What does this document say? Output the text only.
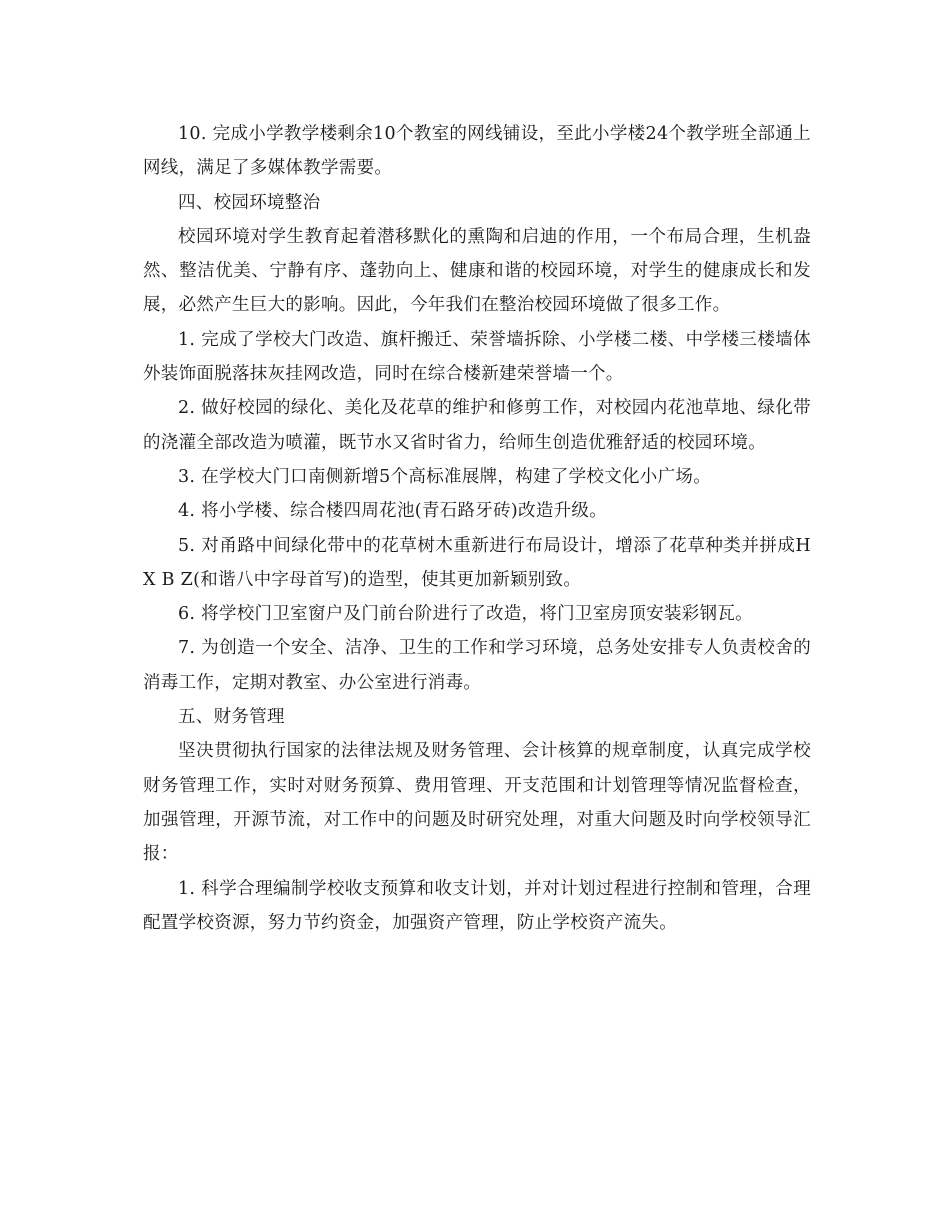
10. 完成小学教学楼剩余10个教室的网线铺设，至此小学楼24个教学班全部通上网线，满足了多媒体教学需要。

四、校园环境整治

校园环境对学生教育起着潜移默化的熏陶和启迪的作用，一个布局合理，生机盎然、整洁优美、宁静有序、蓬勃向上、健康和谐的校园环境，对学生的健康成长和发展，必然产生巨大的影响。因此，今年我们在整治校园环境做了很多工作。

1. 完成了学校大门改造、旗杆搬迁、荣誉墙拆除、小学楼二楼、中学楼三楼墙体外装饰面脱落抹灰挂网改造，同时在综合楼新建荣誉墙一个。

2. 做好校园的绿化、美化及花草的维护和修剪工作，对校园内花池草地、绿化带的浇灌全部改造为喷灌，既节水又省时省力，给师生创造优雅舒适的校园环境。

3. 在学校大门口南侧新增5个高标准展牌，构建了学校文化小广场。

4. 将小学楼、综合楼四周花池(青石路牙砖)改造升级。

5. 对甬路中间绿化带中的花草树木重新进行布局设计，增添了花草种类并拼成H X B Z(和谐八中字母首写)的造型，使其更加新颖别致。

6. 将学校门卫室窗户及门前台阶进行了改造，将门卫室房顶安装彩钢瓦。

7. 为创造一个安全、洁净、卫生的工作和学习环境，总务处安排专人负责校舍的消毒工作，定期对教室、办公室进行消毒。

五、财务管理

坚决贯彻执行国家的法律法规及财务管理、会计核算的规章制度，认真完成学校财务管理工作，实时对财务预算、费用管理、开支范围和计划管理等情况监督检查，加强管理，开源节流，对工作中的问题及时研究处理，对重大问题及时向学校领导汇报：

1. 科学合理编制学校收支预算和收支计划，并对计划过程进行控制和管理，合理配置学校资源，努力节约资金，加强资产管理，防止学校资产流失。
